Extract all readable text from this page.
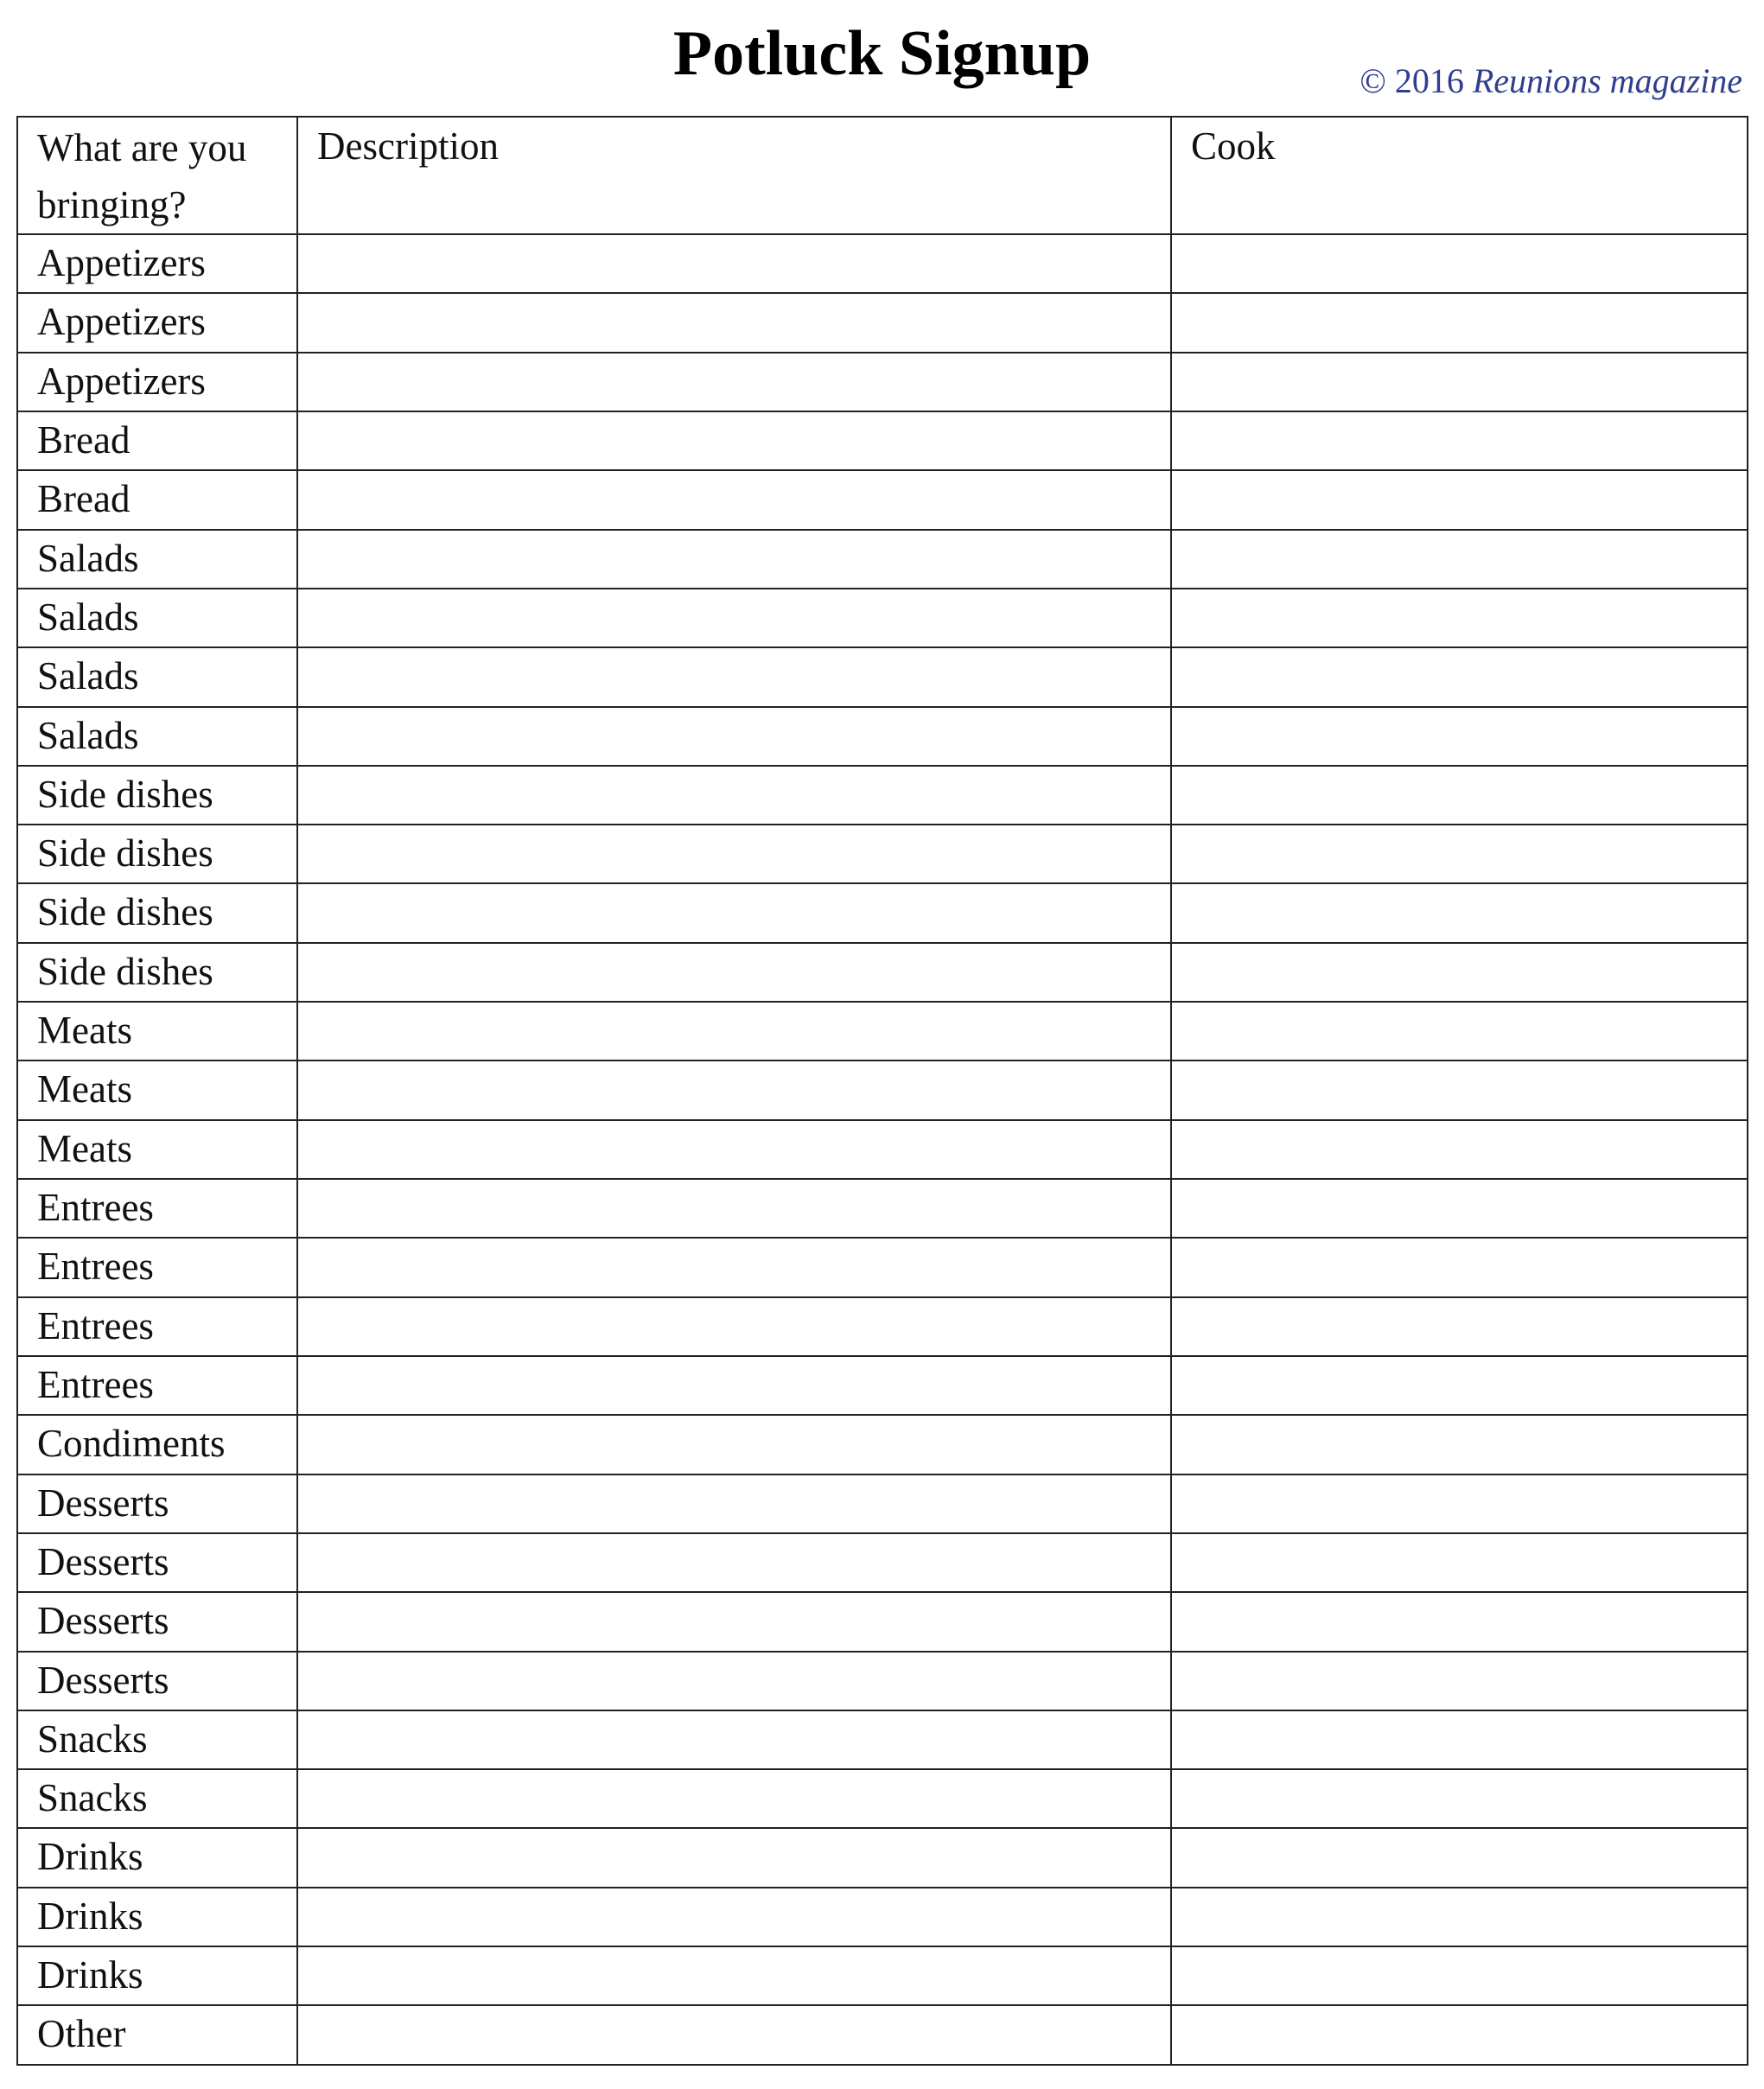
Potluck Signup	© 2016 Reunions magazine
What are you bringing?	Description	Cook
Appetizers		
Appetizers		
Appetizers		
Bread		
Bread		
Salads		
Salads		
Salads		
Salads		
Side dishes		
Side dishes		
Side dishes		
Side dishes		
Meats		
Meats		
Meats		
Entrees		
Entrees		
Entrees		
Entrees		
Condiments		
Desserts		
Desserts		
Desserts		
Desserts		
Snacks		
Snacks		
Drinks		
Drinks		
Drinks		
Other		
